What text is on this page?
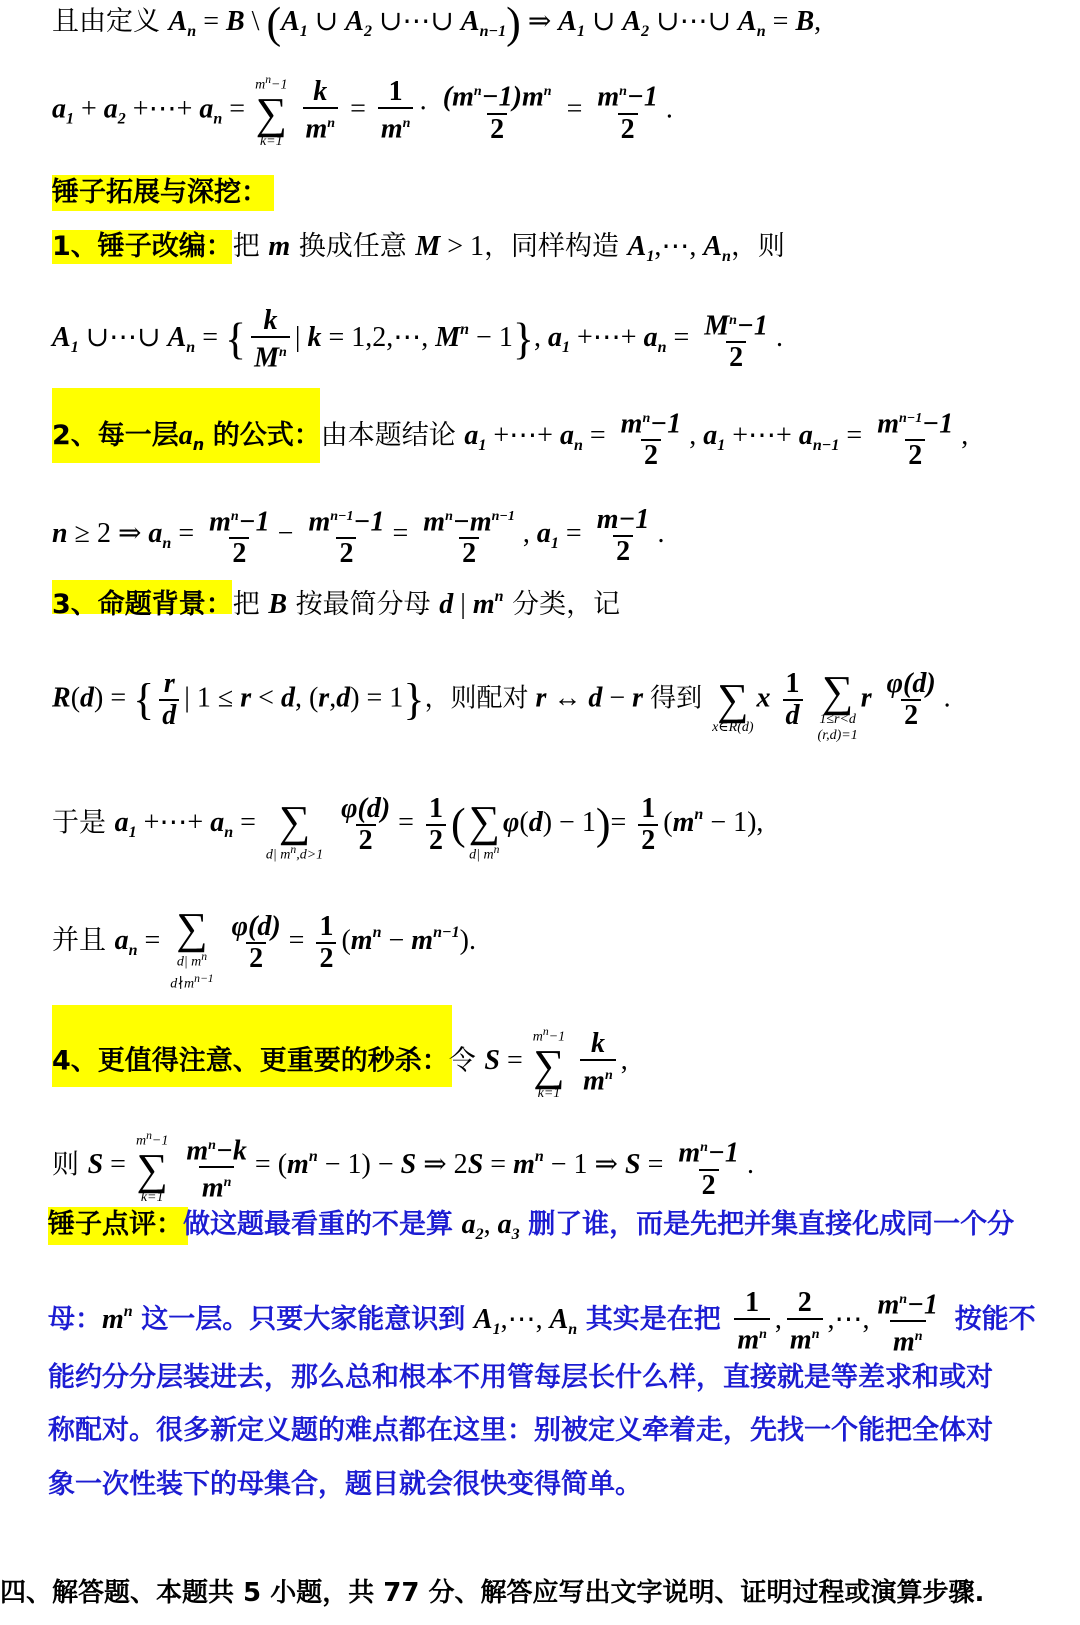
且由定义 $A_n = B$ \ ($A_1$ ∪ $A_2$ ∪⋯∪ $A_{n-1}$) ⇒ $A_1$ ∪ $A_2$ ∪⋯∪ $A_n = B$,
$a_1 + a_2$ +⋯+ $a_n$ =
$m^n-1$
∑
k=1
$\frac{k}{m^n} = \frac{1}{m^n} \cdot \frac{(m^n-1)m^n}{2} = \frac{m^n-1}{2}$ .
锤子拓展与深挖：
1、锤子改编：把 m 换成任意 M > 1，同样构造 $A_1,\cdots$, $A_n$，则
$A_1$ ∪⋯∪ $A_n$ = { $\frac{k}{M^n}$ | k = 1,2,⋯, $M^n - 1$}, $a_1$ +⋯+ $a_n = \frac{M^n-1}{2}$ .
2、每一层$a_n$ 的公式：由本题结论 $a_1$ +⋯+ $a_n = \frac{m^n-1}{2}$ , $a_1$ +⋯+ $a_{n-1} = \frac{m^{n-1}-1}{2}$ ,
n ≥ 2 ⇒ $a_n = \frac{m^n-1}{2} - \frac{m^{n-1}-1}{2} = \frac{m^n-m^{n-1}}{2}$ , $a_1 = \frac{m-1}{2}$ .
3、命题背景：把 B 按最简分母 d | $m^n$ 分类，记
R(d) = { $\frac{r}{d}$ | 1 ≤ r < d, (r,d) = 1}，则配对 r ↔ d − r 得到
∑
x∈R(d)
x $\frac{1}{d}$

∑
1≤r<d
(r,d)=1
r $\frac{\varphi(d)}{2}$ .
于是 $a_1$ +⋯+ $a_n$ =
∑
d| $m^n,d>1$
$\frac{\varphi(d)}{2} = \frac{1}{2}$ (
∑
d| $m^n$
$\varphi(d) - 1)= \frac{1}{2} (m^n - 1)$,
并且 $a_n$ =
∑
d| $m^n$
$d∤m^{n-1}$

$\frac{\varphi(d)}{2} = \frac{1}{2} (m^n - m^{n-1})$.
4、更值得注意、更重要的秒杀：令 S =
$m^n-1$
∑
k=1
$\frac{k}{m^n}$ ,
则 S =
$m^n-1$
∑
k=1
$\frac{m^n-k}{m^n} = (m^n - 1) - S$ ⇒ $2S = m^n - 1$ ⇒ $S = \frac{m^n-1}{2}$ .
锤子点评：做这题最看重的不是算 $a_2$, $a_3$ 删了谁，而是先把并集直接化成同一个分
母：$m^n$ 这一层。只要大家能意识到 $A_1,\cdots$, $A_n$ 其实是在把 $\frac{1}{m^n}$ , $\frac{2}{m^n}$ ,⋯, $\frac{m^n-1}{m^n}$ 按能不
能约分分层装进去，那么总和根本不用管每层长什么样，直接就是等差求和或对
称配对。很多新定义题的难点都在这里：别被定义牵着走，先找一个能把全体对
象一次性装下的母集合，题目就会很快变得简单。
四、解答题、本题共 5 小题，共 77 分、解答应写出文字说明、证明过程或演算步骤.
